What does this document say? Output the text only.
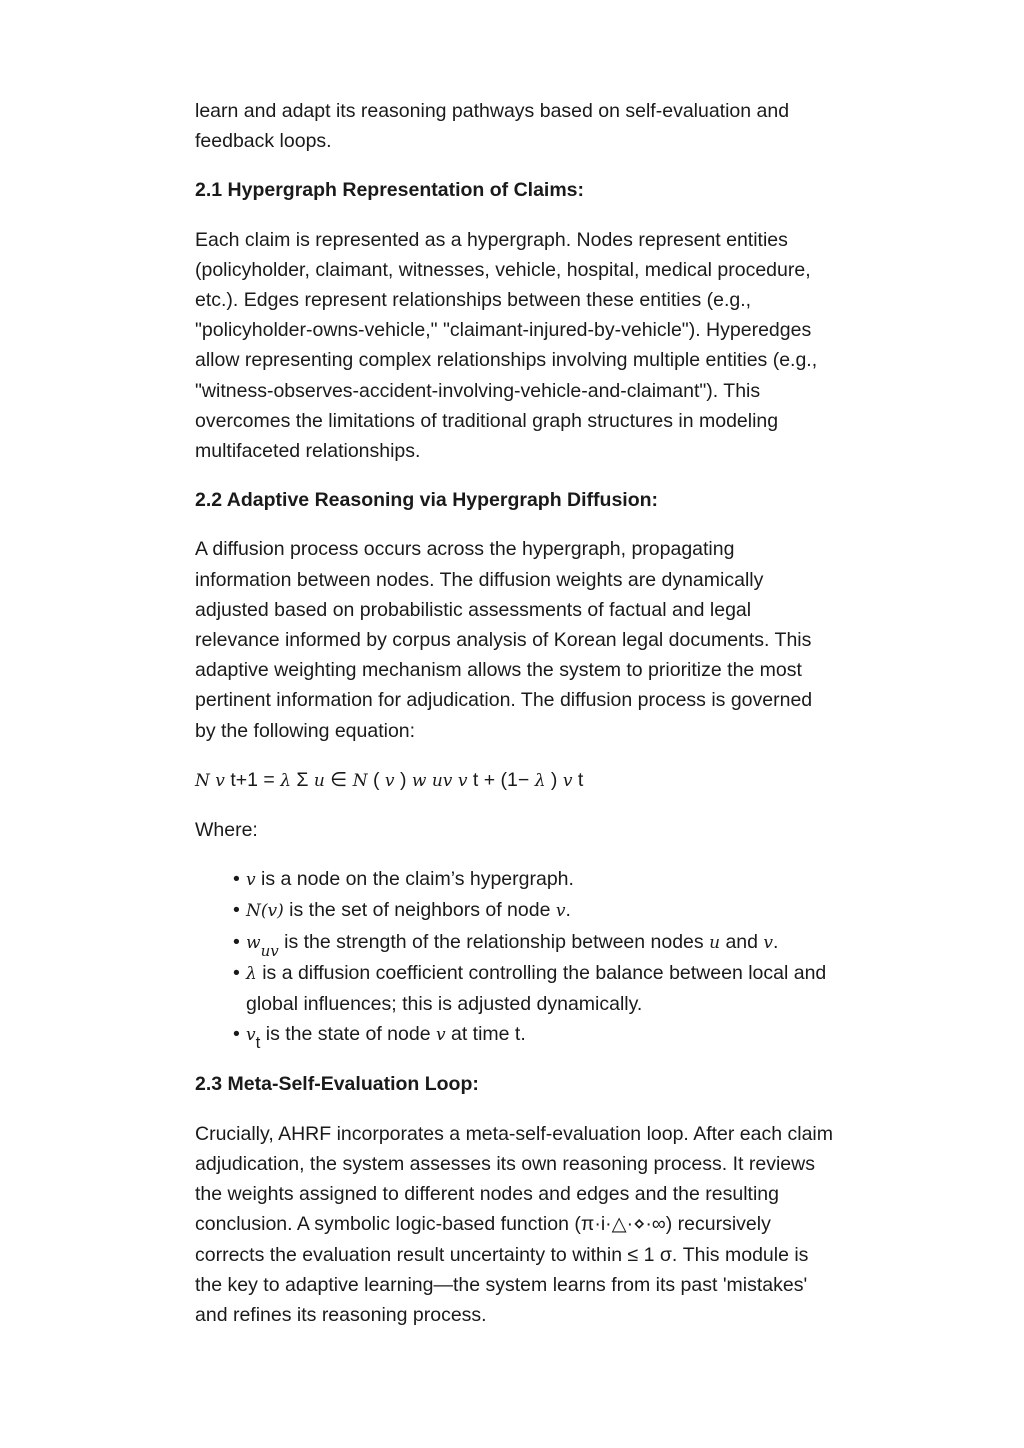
learn and adapt its reasoning pathways based on self-evaluation and feedback loops.

2.1 Hypergraph Representation of Claims:

Each claim is represented as a hypergraph. Nodes represent entities (policyholder, claimant, witnesses, vehicle, hospital, medical procedure, etc.). Edges represent relationships between these entities (e.g., "policyholder-owns-vehicle," "claimant-injured-by-vehicle"). Hyperedges allow representing complex relationships involving multiple entities (e.g., "witness-observes-accident-involving-vehicle-and-claimant"). This overcomes the limitations of traditional graph structures in modeling multifaceted relationships.

2.2 Adaptive Reasoning via Hypergraph Diffusion:

A diffusion process occurs across the hypergraph, propagating information between nodes. The diffusion weights are dynamically adjusted based on probabilistic assessments of factual and legal relevance informed by corpus analysis of Korean legal documents. This adaptive weighting mechanism allows the system to prioritize the most pertinent information for adjudication. The diffusion process is governed by the following equation:

N v t+1 = λ Σ u ∈ N ( v ) w uv v t + (1− λ ) v t

Where:

• v is a node on the claim’s hypergraph.
• N(v) is the set of neighbors of node v.
• $w_{uv}$ is the strength of the relationship between nodes u and v.
• λ is a diffusion coefficient controlling the balance between local and global influences; this is adjusted dynamically.
• $v_t$ is the state of node v at time t.
2.3 Meta-Self-Evaluation Loop:

Crucially, AHRF incorporates a meta-self-evaluation loop. After each claim adjudication, the system assesses its own reasoning process. It reviews the weights assigned to different nodes and edges and the resulting conclusion. A symbolic logic-based function (π·i·△·⋄·∞) recursively corrects the evaluation result uncertainty to within ≤ 1 σ. This module is the key to adaptive learning—the system learns from its past 'mistakes' and refines its reasoning process.
